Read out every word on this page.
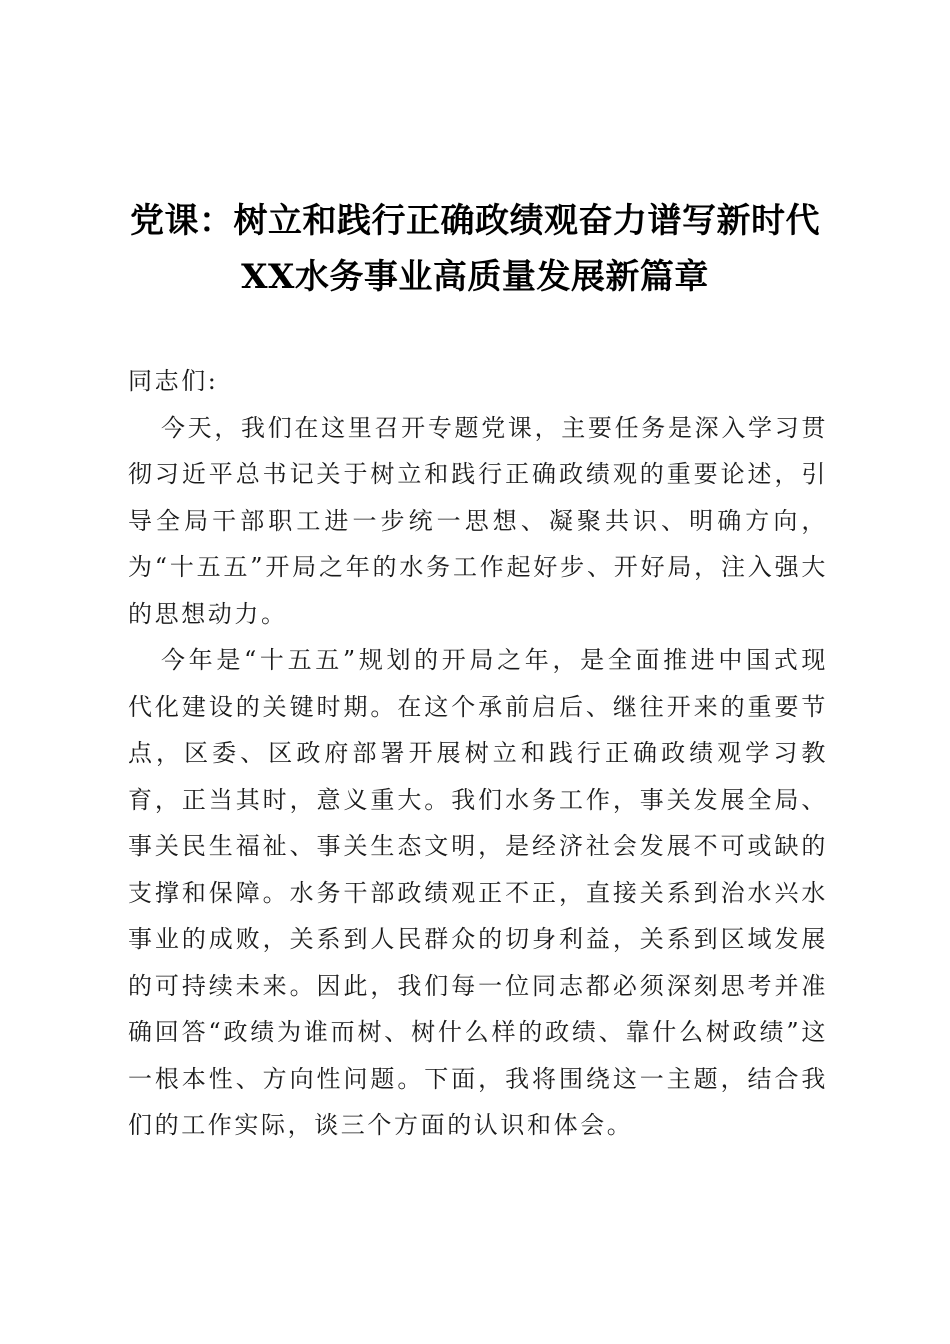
党课：树立和践行正确政绩观奋力谱写新时代
XX水务事业高质量发展新篇章

同志们:

今天，我们在这里召开专题党课，主要任务是深入学习贯彻习近平总书记关于树立和践行正确政绩观的重要论述，引导全局干部职工进一步统一思想、凝聚共识、明确方向，为“十五五”开局之年的水务工作起好步、开好局，注入强大的思想动力。

今年是“十五五”规划的开局之年，是全面推进中国式现代化建设的关键时期。在这个承前启后、继往开来的重要节点，区委、区政府部署开展树立和践行正确政绩观学习教育，正当其时，意义重大。我们水务工作，事关发展全局、事关民生福祉、事关生态文明，是经济社会发展不可或缺的支撑和保障。水务干部政绩观正不正，直接关系到治水兴水事业的成败，关系到人民群众的切身利益，关系到区域发展的可持续未来。因此，我们每一位同志都必须深刻思考并准确回答“政绩为谁而树、树什么样的政绩、靠什么树政绩”这一根本性、方向性问题。下面，我将围绕这一主题，结合我们的工作实际，谈三个方面的认识和体会。
